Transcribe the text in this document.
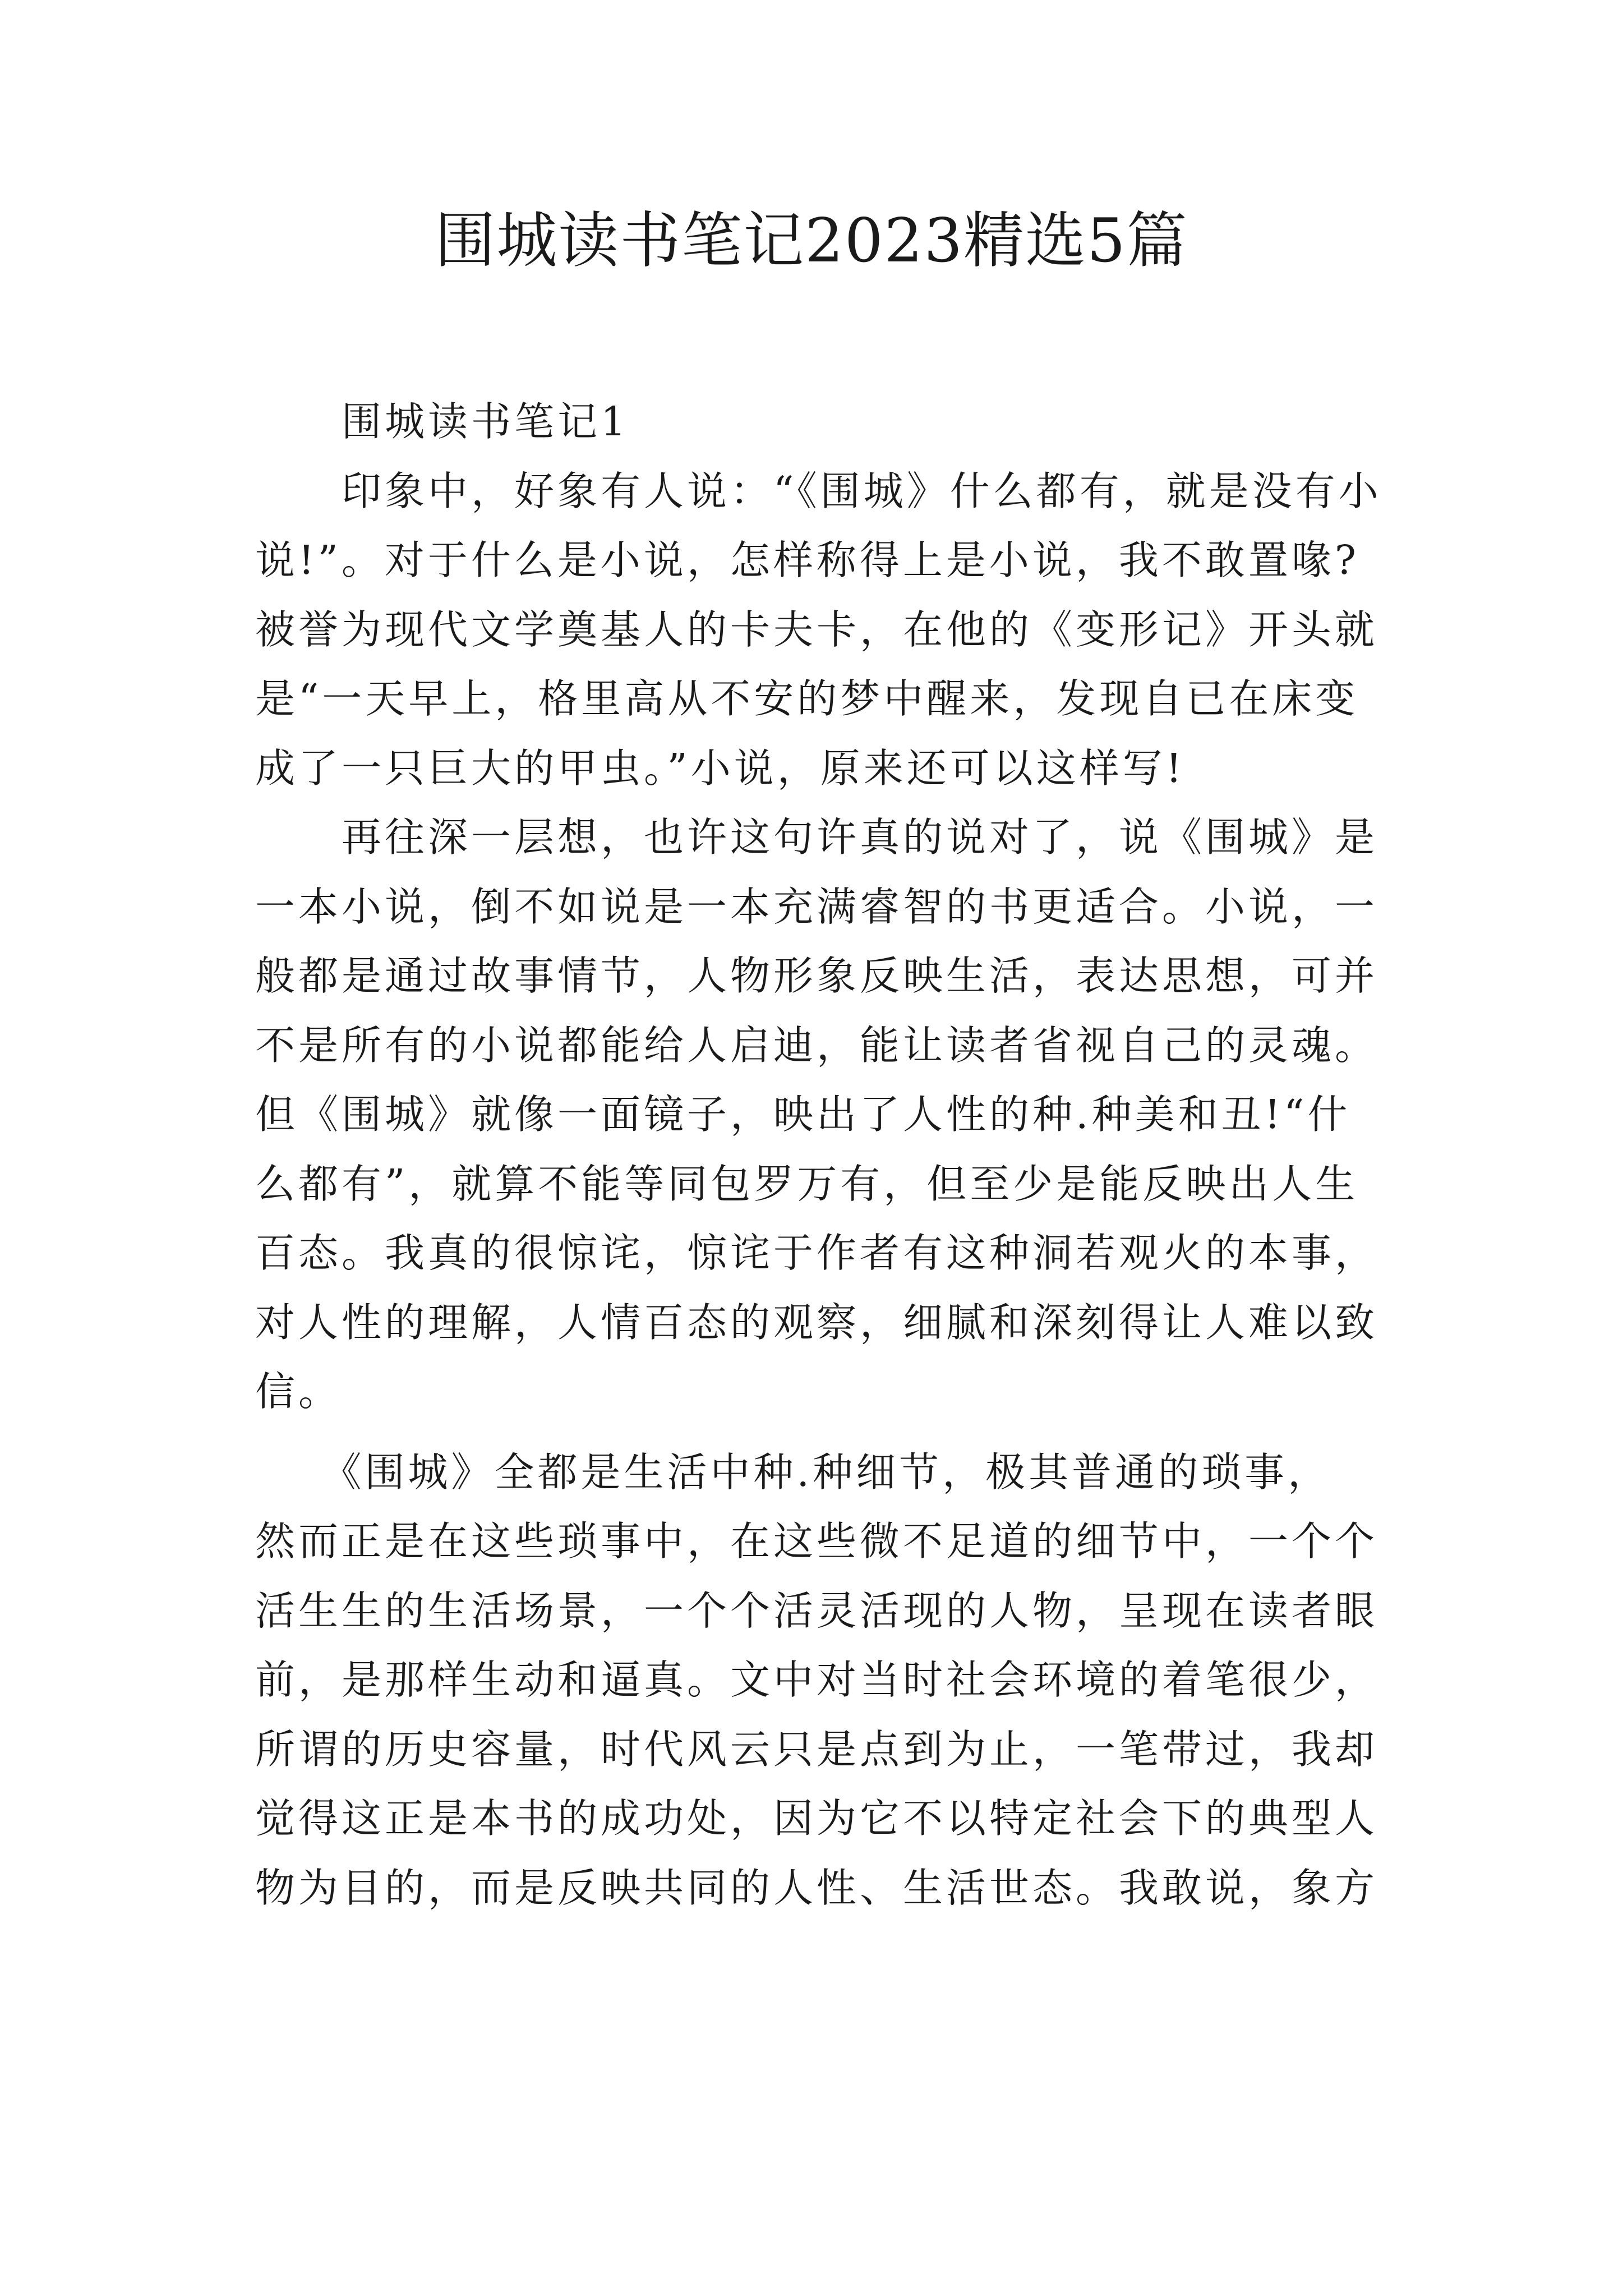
围城读书笔记2023精选5篇
　　围城读书笔记1
　　印象中，好象有人说：“《围城》什么都有，就是没有小
说!”。对于什么是小说，怎样称得上是小说，我不敢置喙?
被誉为现代文学奠基人的卡夫卡，在他的《变形记》开头就
是“一天早上，格里高从不安的梦中醒来，发现自已在床变
成了一只巨大的甲虫。”小说，原来还可以这样写!
　　再往深一层想，也许这句许真的说对了，说《围城》是
一本小说，倒不如说是一本充满睿智的书更适合。小说，一
般都是通过故事情节，人物形象反映生活，表达思想，可并
不是所有的小说都能给人启迪，能让读者省视自己的灵魂。
但《围城》就像一面镜子，映出了人性的种.种美和丑!“什
么都有”，就算不能等同包罗万有，但至少是能反映出人生
百态。我真的很惊诧，惊诧于作者有这种洞若观火的本事，
对人性的理解，人情百态的观察，细腻和深刻得让人难以致
信。
　　《围城》全都是生活中种.种细节，极其普通的琐事，
然而正是在这些琐事中，在这些微不足道的细节中，一个个
活生生的生活场景，一个个活灵活现的人物，呈现在读者眼
前，是那样生动和逼真。文中对当时社会环境的着笔很少，
所谓的历史容量，时代风云只是点到为止，一笔带过，我却
觉得这正是本书的成功处，因为它不以特定社会下的典型人
物为目的，而是反映共同的人性、生活世态。我敢说，象方
